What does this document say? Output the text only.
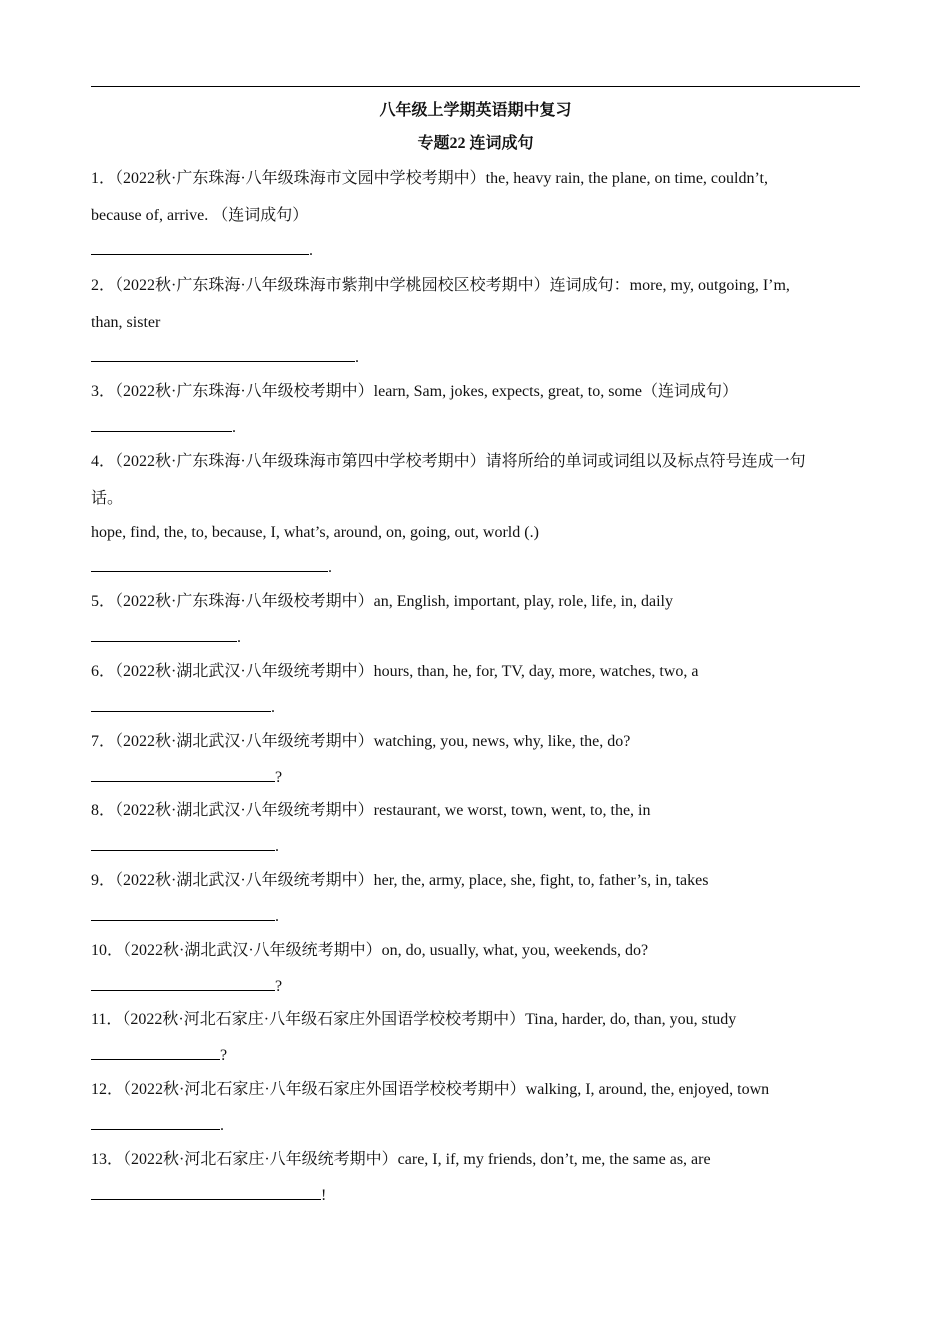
八年级上学期英语期中复习
专题22 连词成句
1．（2022秋·广东珠海·八年级珠海市文园中学校考期中）the, heavy rain, the plane, on time, couldn’t,
because of, arrive. （连词成句）
.
2．（2022秋·广东珠海·八年级珠海市紫荆中学桃园校区校考期中）连词成句：more, my, outgoing, I’m,
than, sister
.
3．（2022秋·广东珠海·八年级校考期中）learn, Sam, jokes, expects, great, to, some（连词成句）
.
4．（2022秋·广东珠海·八年级珠海市第四中学校考期中）请将所给的单词或词组以及标点符号连成一句
话。
hope, find, the, to, because, I, what’s, around, on, going, out, world (.)
.
5．（2022秋·广东珠海·八年级校考期中）an, English, important, play, role, life, in, daily
.
6．（2022秋·湖北武汉·八年级统考期中）hours, than, he, for, TV, day, more, watches, two, a
.
7．（2022秋·湖北武汉·八年级统考期中）watching, you, news, why, like, the, do?
?
8．（2022秋·湖北武汉·八年级统考期中）restaurant, we worst, town, went, to, the, in
.
9．（2022秋·湖北武汉·八年级统考期中）her, the, army, place, she, fight, to, father’s, in, takes
.
10．（2022秋·湖北武汉·八年级统考期中）on, do, usually, what, you, weekends, do?
?
11．（2022秋·河北石家庄·八年级石家庄外国语学校校考期中）Tina, harder, do, than, you, study
?
12．（2022秋·河北石家庄·八年级石家庄外国语学校校考期中）walking, I, around, the, enjoyed, town
.
13．（2022秋·河北石家庄·八年级统考期中）care, I, if, my friends, don’t, me, the same as, are
!
